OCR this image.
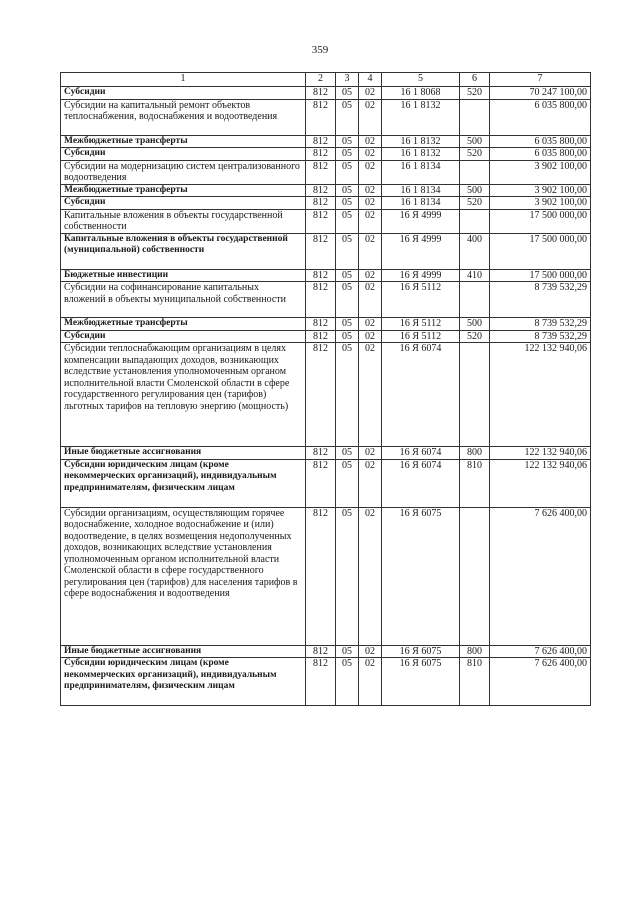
359
1	2	3	4	5	6	7
Субсидии	812	05	02	16 1 8068	520	70 247 100,00
Субсидии на капитальный ремонт объектов теплоснабжения, водоснабжения и водоотведения	812	05	02	16 1 8132		6 035 800,00
Межбюджетные трансферты	812	05	02	16 1 8132	500	6 035 800,00
Субсидии	812	05	02	16 1 8132	520	6 035 800,00
Субсидии на модернизацию систем централизованного водоотведения	812	05	02	16 1 8134		3 902 100,00
Межбюджетные трансферты	812	05	02	16 1 8134	500	3 902 100,00
Субсидии	812	05	02	16 1 8134	520	3 902 100,00
Капитальные вложения в объекты государственной собственности	812	05	02	16 Я 4999		17 500 000,00
Капитальные вложения в объекты государственной (муниципальной) собственности	812	05	02	16 Я 4999	400	17 500 000,00
Бюджетные инвестиции	812	05	02	16 Я 4999	410	17 500 000,00
Субсидии на софинансирование капитальных вложений в объекты муниципальной собственности	812	05	02	16 Я 5112		8 739 532,29
Межбюджетные трансферты	812	05	02	16 Я 5112	500	8 739 532,29
Субсидии	812	05	02	16 Я 5112	520	8 739 532,29
Субсидии теплоснабжающим организациям в целях компенсации выпадающих доходов, возникающих вследствие установления уполномоченным органом исполнительной власти Смоленской области в сфере государственного регулирования цен (тарифов) льготных тарифов на тепловую энергию (мощность)	812	05	02	16 Я 6074		122 132 940,06
Иные бюджетные ассигнования	812	05	02	16 Я 6074	800	122 132 940,06
Субсидии юридическим лицам (кроме некоммерческих организаций), индивидуальным предпринимателям, физическим лицам	812	05	02	16 Я 6074	810	122 132 940,06
Субсидии организациям, осуществляющим горячее водоснабжение, холодное водоснабжение и (или) водоотведение, в целях возмещения недополученных доходов, возникающих вследствие установления уполномоченным органом исполнительной власти Смоленской области в сфере государственного регулирования цен (тарифов) для населения тарифов в сфере водоснабжения и водоотведения	812	05	02	16 Я 6075		7 626 400,00
Иные бюджетные ассигнования	812	05	02	16 Я 6075	800	7 626 400,00
Субсидии юридическим лицам (кроме некоммерческих организаций), индивидуальным предпринимателям, физическим лицам	812	05	02	16 Я 6075	810	7 626 400,00
